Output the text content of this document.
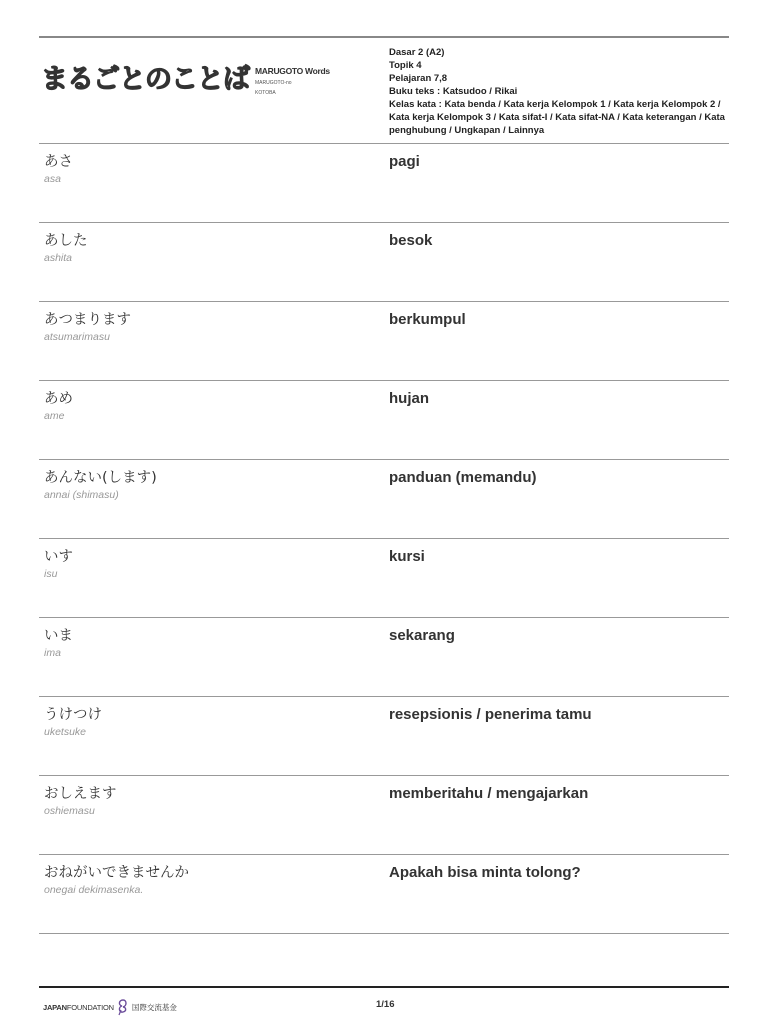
まるごとのことば MARUGOTO Words
MARUGOTO-no
KOTOBA
Dasar 2 (A2)
Topik 4
Pelajaran 7,8
Buku teks : Katsudoo / Rikai
Kelas kata : Kata benda / Kata kerja Kelompok 1 / Kata kerja Kelompok 2 / Kata kerja Kelompok 3 / Kata sifat-I / Kata sifat-NA / Kata keterangan / Kata penghubung / Ungkapan / Lainnya
あさ
asa
pagi
あした
ashita
besok
あつまります
atsumarimasu
berkumpul
あめ
ame
hujan
あんない(します)
annai (shimasu)
panduan (memandu)
いす
isu
kursi
いま
ima
sekarang
うけつけ
uketsuke
resepsionis / penerima tamu
おしえます
oshiemasu
memberitahu / mengajarkan
おねがいできませんか
onegai dekimasenka.
Apakah bisa minta tolong?
JAPANFOUNDATION 国際交流基金	1/16
